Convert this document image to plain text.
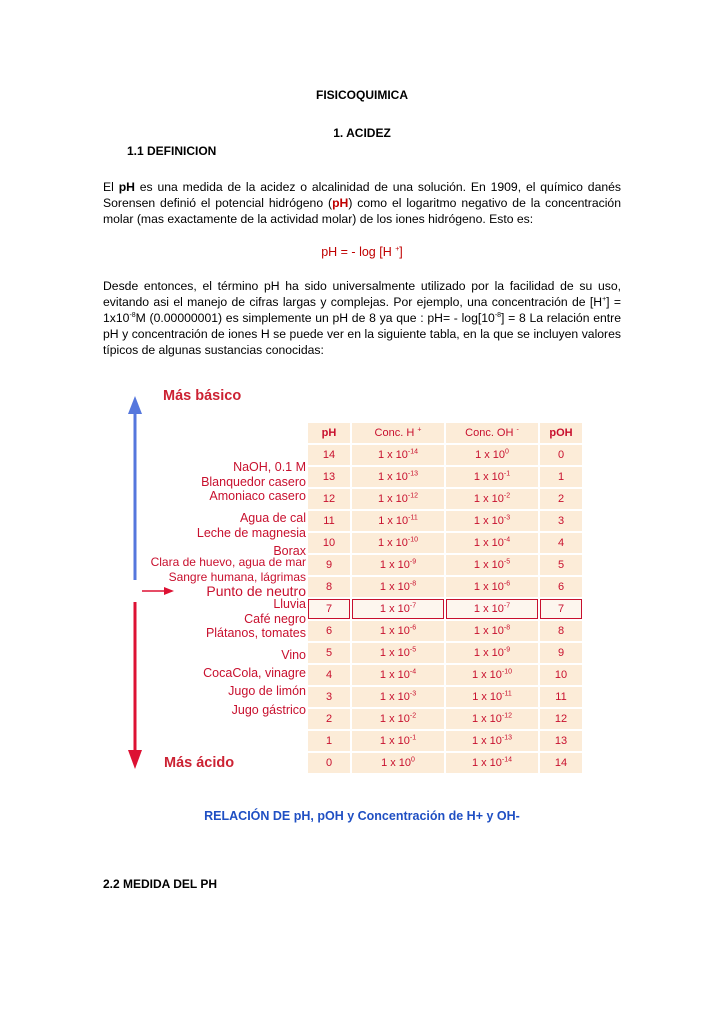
FISICOQUIMICA
1. ACIDEZ
1.1 DEFINICION

El pH es una medida de la acidez o alcalinidad de una solución. En 1909, el químico danés Sorensen definió el potencial hidrógeno (pH) como el logaritmo negativo de la concentración molar (mas exactamente de la actividad molar) de los iones hidrógeno. Esto es:

pH = - log [H +]

Desde entonces, el término pH ha sido universalmente utilizado por la facilidad de su uso, evitando asi el manejo de cifras largas y complejas. Por ejemplo, una concentración de $[H^+] = 1x10^{-8}M$ (0.00000001) es simplemente un pH de 8 ya que : $pH= - \log[10^{-8}] = 8$ La relación entre pH y concentración de iones H se puede ver en la siguiente tabla, en la que se incluyen valores típicos de algunas sustancias conocidas:

Más básico
Más ácido
NaOH, 0.1 M
Blanquedor casero
Amoniaco casero
Agua de cal
Leche de magnesia
Borax
Clara de huevo, agua de mar
Sangre humana, lágrimas
Punto de neutro
Lluvia
Café negro
Plátanos, tomates
Vino
CocaCola, vinagre
Jugo de limón
Jugo gástrico
pH	Conc. H +	Conc. OH -	pOH
14	1 x $10^{-14}$	1 x $10^0$	0
13	1 x $10^{-13}$	1 x $10^{-1}$	1
12	1 x $10^{-12}$	1 x $10^{-2}$	2
11	1 x $10^{-11}$	1 x $10^{-3}$	3
10	1 x $10^{-10}$	1 x $10^{-4}$	4
9	1 x $10^{-9}$	1 x $10^{-5}$	5
8	1 x $10^{-8}$	1 x $10^{-6}$	6
7	1 x $10^{-7}$	1 x $10^{-7}$	7
6	1 x $10^{-6}$	1 x $10^{-8}$	8
5	1 x $10^{-5}$	1 x $10^{-9}$	9
4	1 x $10^{-4}$	1 x $10^{-10}$	10
3	1 x $10^{-3}$	1 x $10^{-11}$	11
2	1 x $10^{-2}$	1 x $10^{-12}$	12
1	1 x $10^{-1}$	1 x $10^{-13}$	13
0	1 x $10^0$	1 x $10^{-14}$	14
RELACIÓN DE pH, pOH y Concentración de H+ y OH-
2.2 MEDIDA DEL PH
